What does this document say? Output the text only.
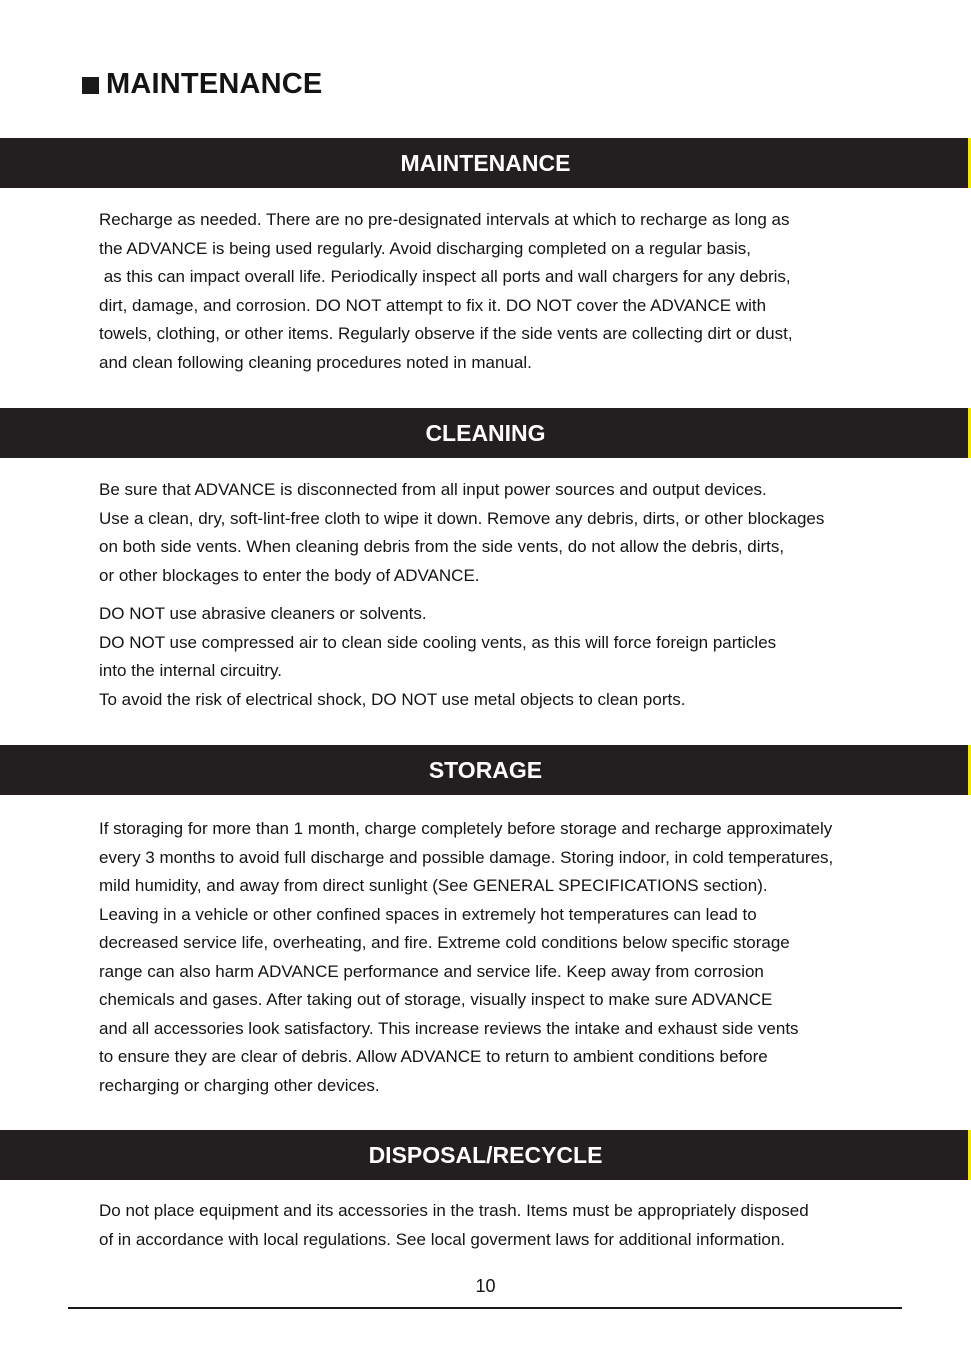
MAINTENANCE
MAINTENANCE

Recharge as needed. There are no pre-designated intervals at which to recharge as long as
the ADVANCE is being used regularly. Avoid discharging completed on a regular basis,
as this can impact overall life. Periodically inspect all ports and wall chargers for any debris,
dirt, damage, and corrosion. DO NOT attempt to fix it. DO NOT cover the ADVANCE with
towels, clothing, or other items. Regularly observe if the side vents are collecting dirt or dust,
and clean following cleaning procedures noted in manual.

CLEANING

Be sure that ADVANCE is disconnected from all input power sources and output devices.
Use a clean, dry, soft-lint-free cloth to wipe it down. Remove any debris, dirts, or other blockages
on both side vents. When cleaning debris from the side vents, do not allow the debris, dirts,
or other blockages to enter the body of ADVANCE.

DO NOT use abrasive cleaners or solvents.
DO NOT use compressed air to clean side cooling vents, as this will force foreign particles
into the internal circuitry.
To avoid the risk of electrical shock, DO NOT use metal objects to clean ports.

STORAGE

If storaging for more than 1 month, charge completely before storage and recharge approximately
every 3 months to avoid full discharge and possible damage. Storing indoor, in cold temperatures,
mild humidity, and away from direct sunlight (See GENERAL SPECIFICATIONS section).
Leaving in a vehicle or other confined spaces in extremely hot temperatures can lead to
decreased service life, overheating, and fire. Extreme cold conditions below specific storage
range can also harm ADVANCE performance and service life. Keep away from corrosion
chemicals and gases. After taking out of storage, visually inspect to make sure ADVANCE
and all accessories look satisfactory. This increase reviews the intake and exhaust side vents
to ensure they are clear of debris. Allow ADVANCE to return to ambient conditions before
recharging or charging other devices.

DISPOSAL/RECYCLE

Do not place equipment and its accessories in the trash. Items must be appropriately disposed
of in accordance with local regulations. See local goverment laws for additional information.

10
